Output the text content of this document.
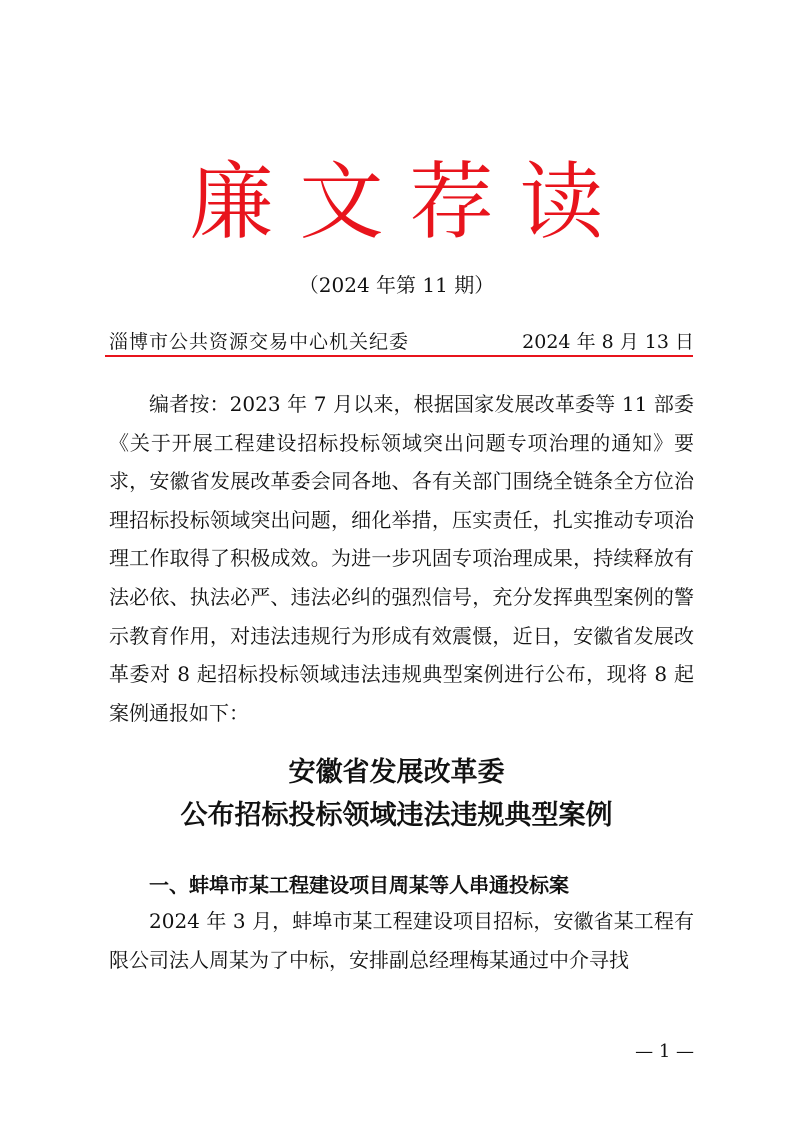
廉文荐读
（2024 年第 11 期）
淄博市公共资源交易中心机关纪委	2024 年 8 月 13 日
编者按：2023 年 7 月以来，根据国家发展改革委等 11 部委《关于开展工程建设招标投标领域突出问题专项治理的通知》要求，安徽省发展改革委会同各地、各有关部门围绕全链条全方位治理招标投标领域突出问题，细化举措，压实责任，扎实推动专项治理工作取得了积极成效。为进一步巩固专项治理成果，持续释放有法必依、执法必严、违法必纠的强烈信号，充分发挥典型案例的警示教育作用，对违法违规行为形成有效震慑，近日，安徽省发展改革委对 8 起招标投标领域违法违规典型案例进行公布，现将 8 起案例通报如下：
安徽省发展改革委
公布招标投标领域违法违规典型案例
一、蚌埠市某工程建设项目周某等人串通投标案
2024 年 3 月，蚌埠市某工程建设项目招标，安徽省某工程有限公司法人周某为了中标，安排副总经理梅某通过中介寻找
— 1 —
